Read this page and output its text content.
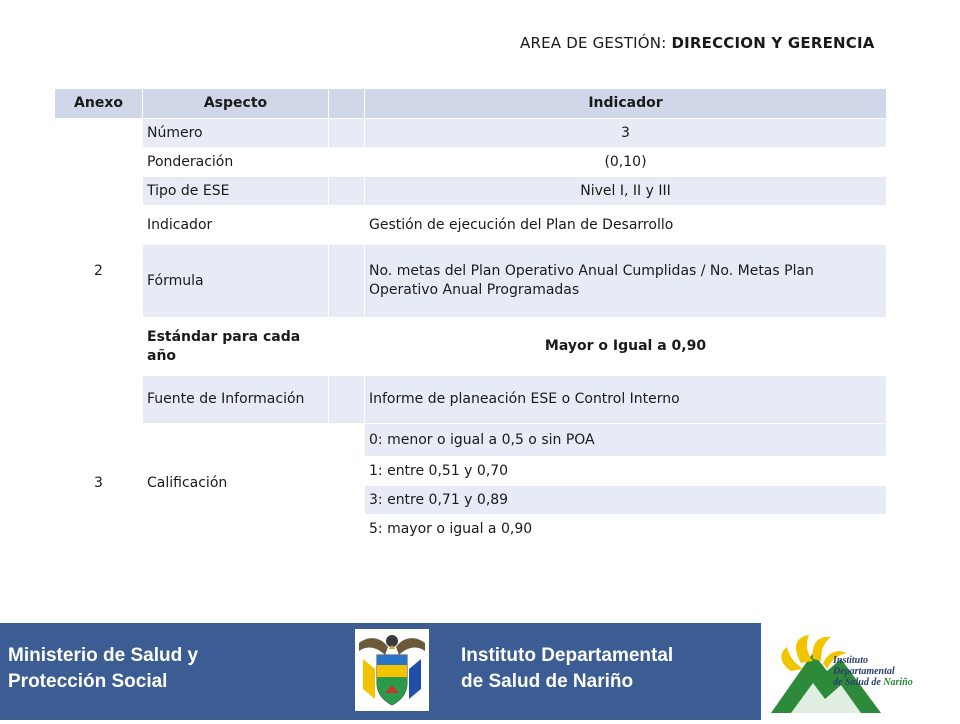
AREA DE GESTIÓN: DIRECCION Y GERENCIA
Anexo	Aspecto		Indicador
2	Número		3
	Ponderación		(0,10)
	Tipo de ESE		Nivel I, II y III
	Indicador		Gestión de ejecución del Plan de Desarrollo
	Fórmula		No. metas del Plan Operativo Anual Cumplidas / No. Metas Plan Operativo Anual Programadas
	Estándar para cada año		Mayor o Igual a 0,90
	Fuente de Información		Informe de planeación ESE o Control Interno
3	Calificación		0: menor o igual a 0,5 o sin POA
			1: entre 0,51 y 0,70
			3: entre 0,71 y 0,89
			5: mayor o igual a 0,90
Ministerio de Salud y
Protección Social
Instituto Departamental
de Salud de Nariño
Instituto
Departamental
de Salud de Nariño
